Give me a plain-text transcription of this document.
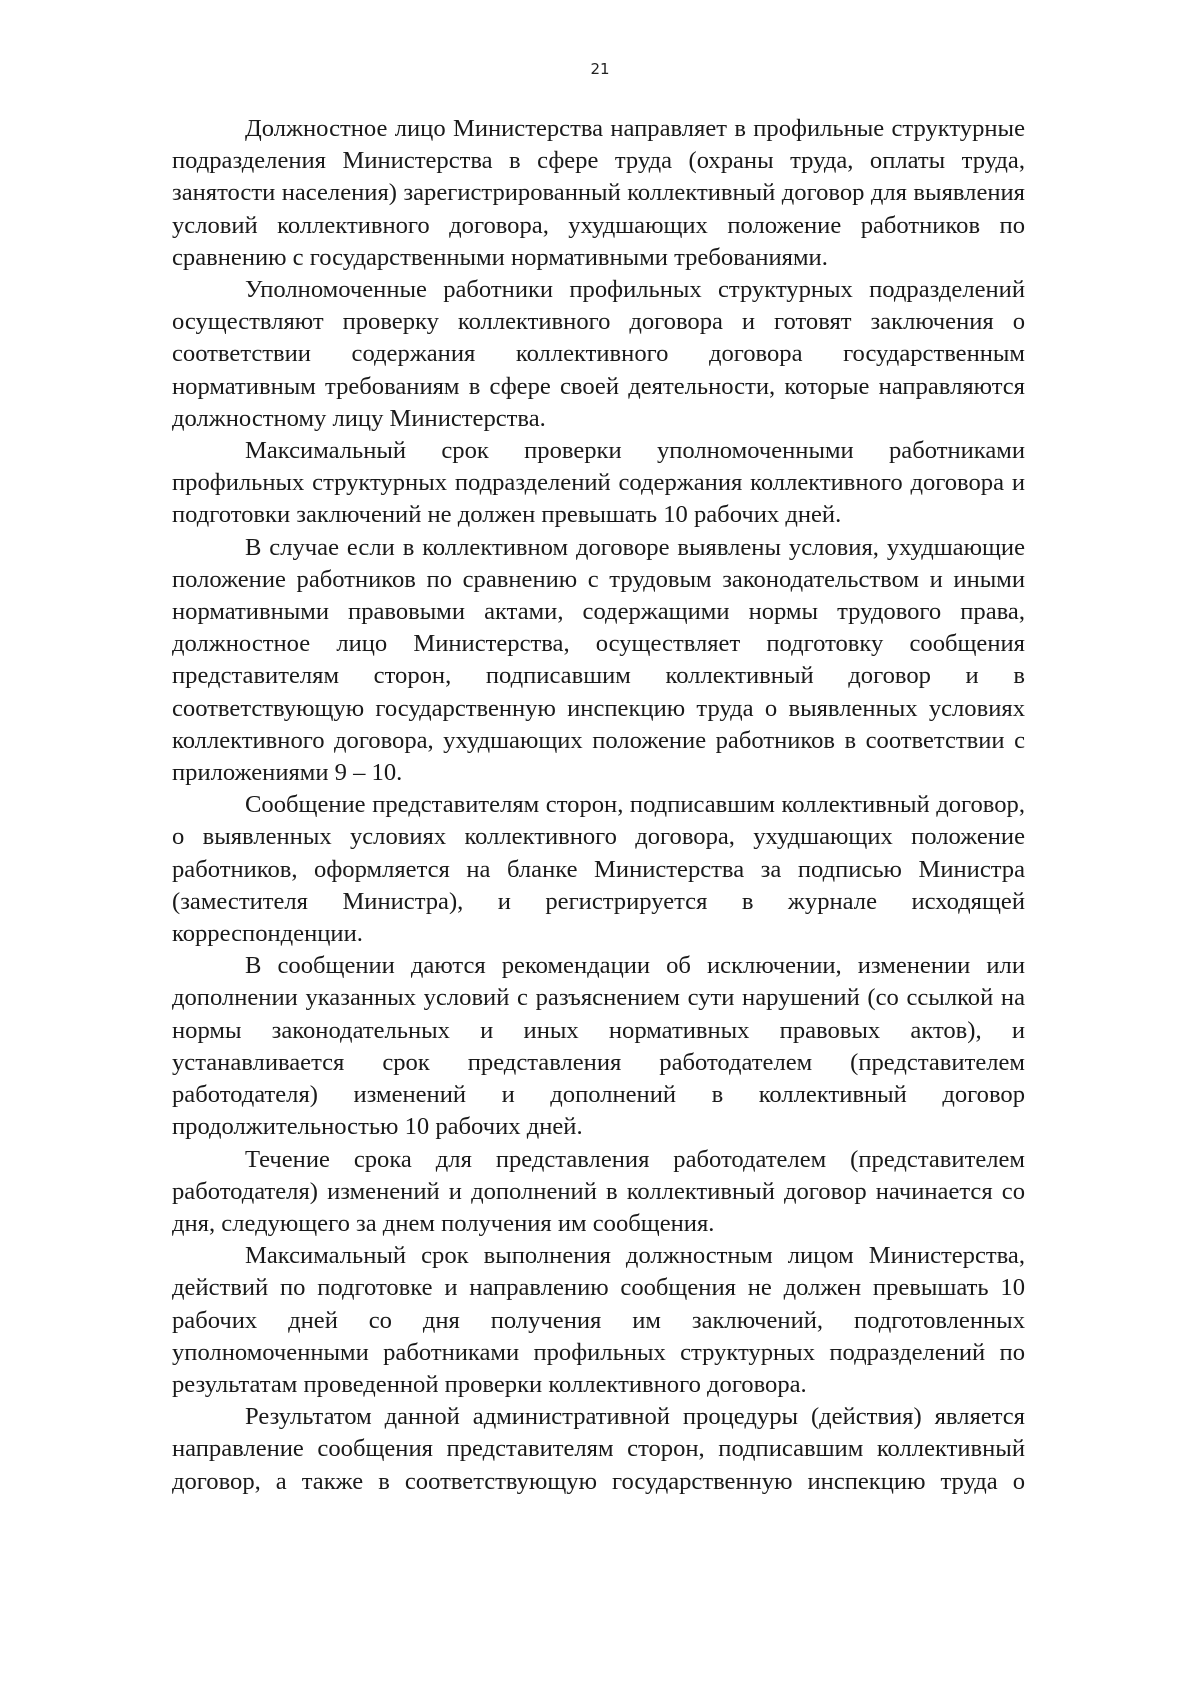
21

Должностное лицо Министерства направляет в профильные структурные подразделения Министерства в сфере труда (охраны труда, оплаты труда, занятости населения) зарегистрированный коллективный договор для выявления условий коллективного договора, ухудшающих положение работников по сравнению с государственными нормативными требованиями.

Уполномоченные работники профильных структурных подразделений осуществляют проверку коллективного договора и готовят заключения о соответствии содержания коллективного договора государственным нормативным требованиям в сфере своей деятельности, которые направляются должностному лицу Министерства.

Максимальный срок проверки уполномоченными работниками профильных структурных подразделений содержания коллективного договора и подготовки заключений не должен превышать 10 рабочих дней.

В случае если в коллективном договоре выявлены условия, ухудшающие положение работников по сравнению с трудовым законодательством и иными нормативными правовыми актами, содержащими нормы трудового права, должностное лицо Министерства, осуществляет подготовку сообщения представителям сторон, подписавшим коллективный договор и в соответствующую государственную инспекцию труда о выявленных условиях коллективного договора, ухудшающих положение работников в соответствии с приложениями 9 – 10.

Сообщение представителям сторон, подписавшим коллективный договор, о выявленных условиях коллективного договора, ухудшающих положение работников, оформляется на бланке Министерства за подписью Министра (заместителя Министра), и регистрируется в журнале исходящей корреспонденции.

В сообщении даются рекомендации об исключении, изменении или дополнении указанных условий с разъяснением сути нарушений (со ссылкой на нормы законодательных и иных нормативных правовых актов), и устанавливается срок представления работодателем (представителем работодателя) изменений и дополнений в коллективный договор продолжительностью 10 рабочих дней.

Течение срока для представления работодателем (представителем работодателя) изменений и дополнений в коллективный договор начинается со дня, следующего за днем получения им сообщения.

Максимальный срок выполнения должностным лицом Министерства, действий по подготовке и направлению сообщения не должен превышать 10 рабочих дней со дня получения им заключений, подготовленных уполномоченными работниками профильных структурных подразделений по результатам проведенной проверки коллективного договора.

Результатом данной административной процедуры (действия) является направление сообщения представителям сторон, подписавшим коллективный договор, а также в соответствующую государственную инспекцию труда о
